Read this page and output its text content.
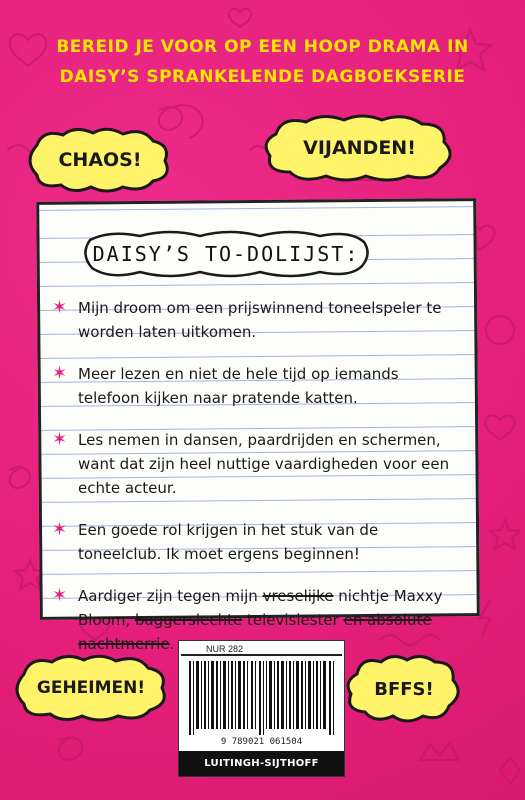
BEREID JE VOOR OP EEN HOOP DRAMA IN
DAISY’S SPRANKELENDE DAGBOEKSERIE
CHAOS!
VIJANDEN!
GEHEIMEN!	BFFS!
DAISY’S TO-DOLIJST:
✶ Mijn droom om een prijswinnend toneelspeler te worden laten uitkomen.
✶ Meer lezen en niet de hele tijd op iemands telefoon kijken naar pratende katten.
✶ Les nemen in dansen, paardrijden en schermen, want dat zijn heel nuttige vaardigheden voor een echte acteur.
✶ Een goede rol krijgen in het stuk van de toneelclub. Ik moet ergens beginnen!
✶ Aardiger zijn tegen mijn vreselijke nichtje Maxxy Bloom, baggerslechte televisiester en absolute nachtmerrie.	NUR 282
9 789021 061504
LUITINGH-SIJTHOFF
